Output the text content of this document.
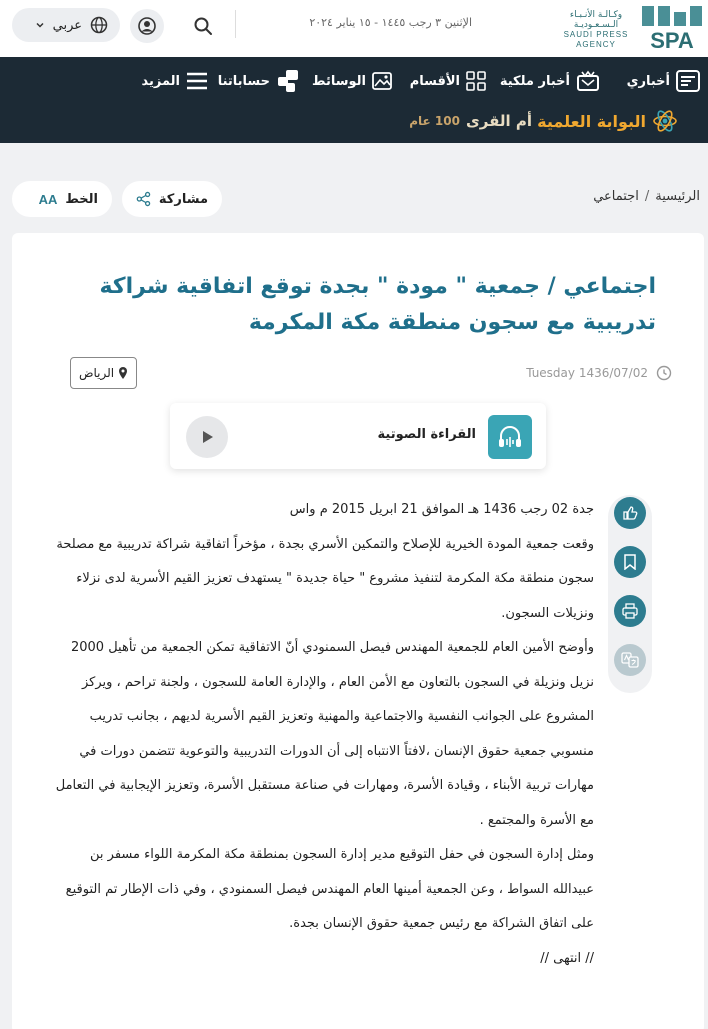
SPA
وكـالـة الأنـبـاء
الـسـعـوديـة
SAUDI PRESS
AGENCY
الإثنين ٣ رجب ١٤٤٥ - ١٥ يناير ٢٠٢٤
عربي
أخباري
أخبار ملكية
الأقسام
الوسائط
حساباتنا
المزيد
البوابة العلمية
أم القرى
100 عام
الرئيسية/اجتماعي
مشاركة
الخط
AA
اجتماعي / جمعية " مودة " بجدة توقع اتفاقية شراكة تدريبية مع سجون منطقة مكة المكرمة
Tuesday 1436/07/02
الرياض
القراءة الصوتية

جدة 02 رجب 1436 هـ الموافق 21 ابريل 2015 م واس

وقعت جمعية المودة الخيرية للإصلاح والتمكين الأسري بجدة ، مؤخراً اتفاقية شراكة تدريبية مع مصلحة سجون منطقة مكة المكرمة لتنفيذ مشروع " حياة جديدة " يستهدف تعزيز القيم الأسرية لدى نزلاء ونزيلات السجون.

وأوضح الأمين العام للجمعية المهندس فيصل السمنودي أنّ الاتفاقية تمكن الجمعية من تأهيل 2000 نزيل ونزيلة في السجون بالتعاون مع الأمن العام ، والإدارة العامة للسجون ، ولجنة تراحم ، ويركز المشروع على الجوانب النفسية والاجتماعية والمهنية وتعزيز القيم الأسرية لديهم ، بجانب تدريب منسوبي جمعية حقوق الإنسان ،لافتاً الانتباه إلى أن الدورات التدريبية والتوعوية تتضمن دورات في مهارات تربية الأبناء ، وقيادة الأسرة، ومهارات في صناعة مستقبل الأسرة، وتعزيز الإيجابية في التعامل مع الأسرة والمجتمع .

ومثل إدارة السجون في حفل التوقيع مدير إدارة السجون بمنطقة مكة المكرمة اللواء مسفر بن عبيدالله السواط ، وعن الجمعية أمينها العام المهندس فيصل السمنودي ، وفي ذات الإطار تم التوقيع على اتفاق الشراكة مع رئيس جمعية حقوق الإنسان بجدة.

// انتهى //
